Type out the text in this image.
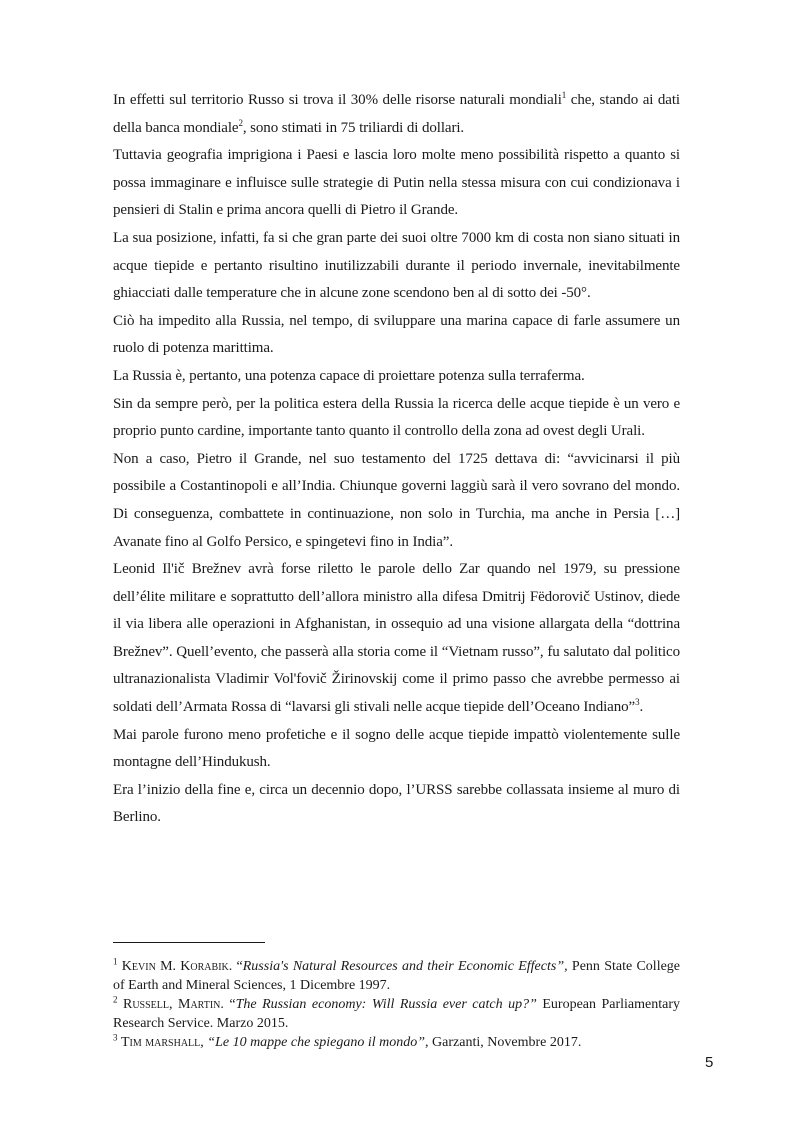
In effetti sul territorio Russo si trova il 30% delle risorse naturali mondiali$^1$ che, stando ai dati della banca mondiale$^2$, sono stimati in 75 triliardi di dollari.

Tuttavia geografia imprigiona i Paesi e lascia loro molte meno possibilità rispetto a quanto si possa immaginare e influisce sulle strategie di Putin nella stessa misura con cui condizionava i pensieri di Stalin e prima ancora quelli di Pietro il Grande.

La sua posizione, infatti, fa si che gran parte dei suoi oltre 7000 km di costa non siano situati in acque tiepide e pertanto risultino inutilizzabili durante il periodo invernale, inevitabilmente ghiacciati dalle temperature che in alcune zone scendono ben al di sotto dei -50°.

Ciò ha impedito alla Russia, nel tempo, di sviluppare una marina capace di farle assumere un ruolo di potenza marittima.

La Russia è, pertanto, una potenza capace di proiettare potenza sulla terraferma.

Sin da sempre però, per la politica estera della Russia la ricerca delle acque tiepide è un vero e proprio punto cardine, importante tanto quanto il controllo della zona ad ovest degli Urali.

Non a caso, Pietro il Grande, nel suo testamento del 1725 dettava di: “avvicinarsi il più possibile a Costantinopoli e all’India. Chiunque governi laggiù sarà il vero sovrano del mondo. Di conseguenza, combattete in continuazione, non solo in Turchia, ma anche in Persia […] Avanate fino al Golfo Persico, e spingetevi fino in India”.

Leonid Il'ič Brežnev avrà forse riletto le parole dello Zar quando nel 1979, su pressione dell’élite militare e soprattutto dell’allora ministro alla difesa Dmitrij Fëdorovič Ustinov, diede il via libera alle operazioni in Afghanistan, in ossequio ad una visione allargata della “dottrina Brežnev”. Quell’evento, che passerà alla storia come il “Vietnam russo”, fu salutato dal politico ultranazionalista Vladimir Vol'fovič Žirinovskij come il primo passo che avrebbe permesso ai soldati dell’Armata Rossa di “lavarsi gli stivali nelle acque tiepide dell’Oceano Indiano”$^3$.

Mai parole furono meno profetiche e il sogno delle acque tiepide impattò violentemente sulle montagne dell’Hindukush.

Era l’inizio della fine e, circa un decennio dopo, l’URSS sarebbe collassata insieme al muro di Berlino.

$^1$ Kevin M. Korabik. “Russia's Natural Resources and their Economic Effects”, Penn State College of Earth and Mineral Sciences, 1 Dicembre 1997.

$^2$ Russell, Martin. “The Russian economy: Will Russia ever catch up?” European Parliamentary Research Service. Marzo 2015.

$^3$ Tim marshall, “Le 10 mappe che spiegano il mondo”, Garzanti, Novembre 2017.

5
